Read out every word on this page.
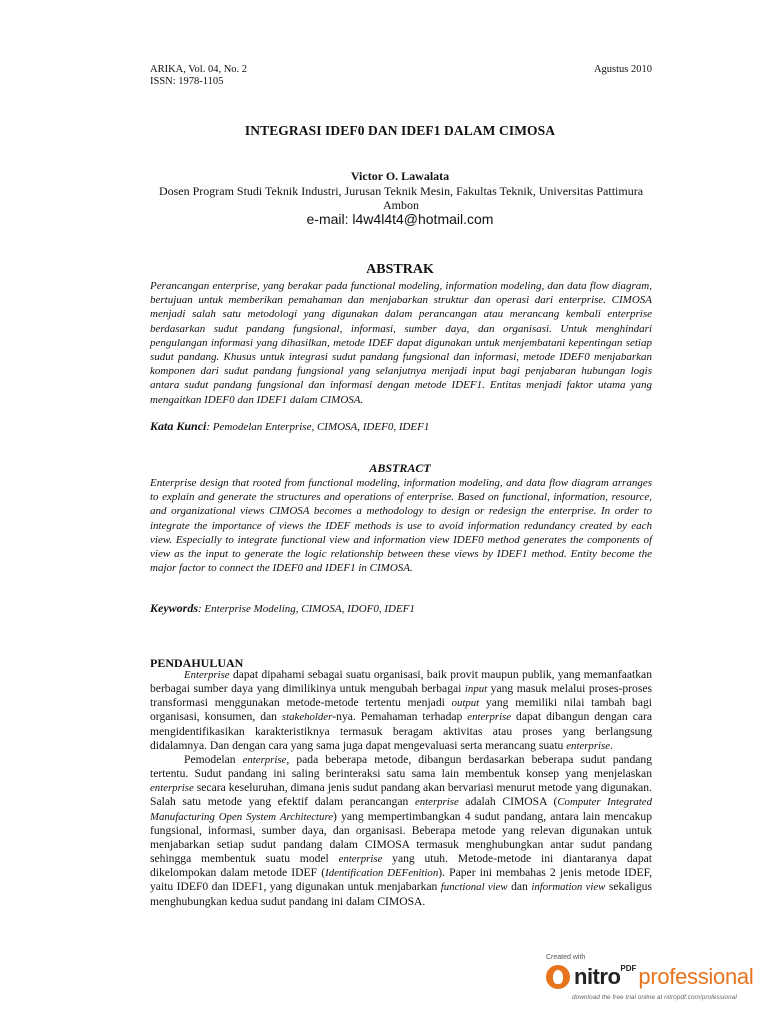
ARIKA, Vol. 04, No. 2
ISSN: 1978-1105
Agustus 2010
INTEGRASI IDEF0 DAN IDEF1 DALAM CIMOSA
Victor O. Lawalata
Dosen Program Studi Teknik Industri, Jurusan Teknik Mesin, Fakultas Teknik, Universitas Pattimura Ambon
e-mail: l4w4l4t4@hotmail.com
ABSTRAK
Perancangan enterprise, yang berakar pada functional modeling, information modeling, dan data flow diagram, bertujuan untuk memberikan pemahaman dan menjabarkan struktur dan operasi dari enterprise. CIMOSA menjadi salah satu metodologi yang digunakan dalam perancangan atau merancang kembali enterprise berdasarkan sudut pandang fungsional, informasi, sumber daya, dan organisasi. Untuk menghindari pengulangan informasi yang dihasilkan, metode IDEF dapat digunakan untuk menjembatani kepentingan setiap sudut pandang. Khusus untuk integrasi sudut pandang fungsional dan informasi, metode IDEF0 menjabarkan komponen dari sudut pandang fungsional yang selanjutnya menjadi input bagi penjabaran hubungan logis antara sudut pandang fungsional dan informasi dengan metode IDEF1. Entitas menjadi faktor utama yang mengaitkan IDEF0 dan IDEF1 dalam CIMOSA.
Kata Kunci: Pemodelan Enterprise, CIMOSA, IDEF0, IDEF1
ABSTRACT
Enterprise design that rooted from functional modeling, information modeling, and data flow diagram arranges to explain and generate the structures and operations of enterprise. Based on functional, information, resource, and organizational views CIMOSA becomes a methodology to design or redesign the enterprise. In order to integrate the importance of views the IDEF methods is use to avoid information redundancy created by each view. Especially to integrate functional view and information view IDEF0 method generates the components of view as the input to generate the logic relationship between these views by IDEF1 method. Entity become the major factor to connect the IDEF0 and IDEF1 in CIMOSA.
Keywords: Enterprise Modeling, CIMOSA, IDOF0, IDEF1
PENDAHULUAN

Enterprise dapat dipahami sebagai suatu organisasi, baik provit maupun publik, yang memanfaatkan berbagai sumber daya yang dimilikinya untuk mengubah berbagai input yang masuk melalui proses-proses transformasi menggunakan metode-metode tertentu menjadi output yang memiliki nilai tambah bagi organisasi, konsumen, dan stakeholder-nya. Pemahaman terhadap enterprise dapat dibangun dengan cara mengidentifikasikan karakteristiknya termasuk beragam aktivitas atau proses yang berlangsung didalamnya. Dan dengan cara yang sama juga dapat mengevaluasi serta merancang suatu enterprise.

Pemodelan enterprise, pada beberapa metode, dibangun berdasarkan beberapa sudut pandang tertentu. Sudut pandang ini saling berinteraksi satu sama lain membentuk konsep yang menjelaskan enterprise secara keseluruhan, dimana jenis sudut pandang akan bervariasi menurut metode yang digunakan. Salah satu metode yang efektif dalam perancangan enterprise adalah CIMOSA (Computer Integrated Manufacturing Open System Architecture) yang mempertimbangkan 4 sudut pandang, antara lain mencakup fungsional, informasi, sumber daya, dan organisasi. Beberapa metode yang relevan digunakan untuk menjabarkan setiap sudut pandang dalam CIMOSA termasuk menghubungkan antar sudut pandang sehingga membentuk suatu model enterprise yang utuh. Metode-metode ini diantaranya dapat dikelompokan dalam metode IDEF (Identification DEFenition). Paper ini membahas 2 jenis metode IDEF, yaitu IDEF0 dan IDEF1, yang digunakan untuk menjabarkan functional view dan information view sekaligus menghubungkan kedua sudut pandang ini dalam CIMOSA.

Created with
nitro PDF professional
download the free trial online at nitropdf.com/professional
